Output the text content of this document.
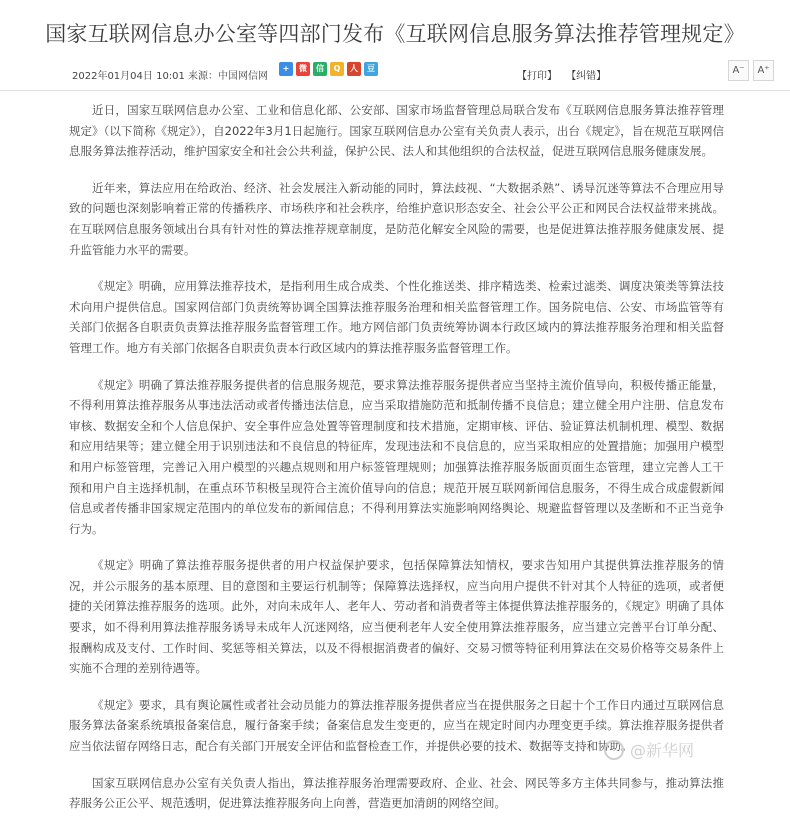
国家互联网信息办公室等四部门发布《互联网信息服务算法推荐管理规定》
2022年01月04日 10:01 来源：中国网信网
+	微	信	Q	人	豆
【打印】 【纠错】
A⁻	A⁺

近日，国家互联网信息办公室、工业和信息化部、公安部、国家市场监督管理总局联合发布《互联网信息服务算法推荐管理规定》（以下简称《规定》），自2022年3月1日起施行。国家互联网信息办公室有关负责人表示，出台《规定》，旨在规范互联网信息服务算法推荐活动，维护国家安全和社会公共利益，保护公民、法人和其他组织的合法权益，促进互联网信息服务健康发展。

近年来，算法应用在给政治、经济、社会发展注入新动能的同时，算法歧视、“大数据杀熟”、诱导沉迷等算法不合理应用导致的问题也深刻影响着正常的传播秩序、市场秩序和社会秩序，给维护意识形态安全、社会公平公正和网民合法权益带来挑战。在互联网信息服务领域出台具有针对性的算法推荐规章制度，是防范化解安全风险的需要，也是促进算法推荐服务健康发展、提升监管能力水平的需要。

《规定》明确，应用算法推荐技术，是指利用生成合成类、个性化推送类、排序精选类、检索过滤类、调度决策类等算法技术向用户提供信息。国家网信部门负责统筹协调全国算法推荐服务治理和相关监督管理工作。国务院电信、公安、市场监管等有关部门依据各自职责负责算法推荐服务监督管理工作。地方网信部门负责统筹协调本行政区域内的算法推荐服务治理和相关监督管理工作。地方有关部门依据各自职责负责本行政区域内的算法推荐服务监督管理工作。

《规定》明确了算法推荐服务提供者的信息服务规范，要求算法推荐服务提供者应当坚持主流价值导向，积极传播正能量，不得利用算法推荐服务从事违法活动或者传播违法信息，应当采取措施防范和抵制传播不良信息；建立健全用户注册、信息发布审核、数据安全和个人信息保护、安全事件应急处置等管理制度和技术措施，定期审核、评估、验证算法机制机理、模型、数据和应用结果等；建立健全用于识别违法和不良信息的特征库，发现违法和不良信息的，应当采取相应的处置措施；加强用户模型和用户标签管理，完善记入用户模型的兴趣点规则和用户标签管理规则；加强算法推荐服务版面页面生态管理，建立完善人工干预和用户自主选择机制，在重点环节积极呈现符合主流价值导向的信息；规范开展互联网新闻信息服务，不得生成合成虚假新闻信息或者传播非国家规定范围内的单位发布的新闻信息；不得利用算法实施影响网络舆论、规避监督管理以及垄断和不正当竞争行为。

《规定》明确了算法推荐服务提供者的用户权益保护要求，包括保障算法知情权，要求告知用户其提供算法推荐服务的情况，并公示服务的基本原理、目的意图和主要运行机制等；保障算法选择权，应当向用户提供不针对其个人特征的选项，或者便捷的关闭算法推荐服务的选项。此外，对向未成年人、老年人、劳动者和消费者等主体提供算法推荐服务的，《规定》明确了具体要求，如不得利用算法推荐服务诱导未成年人沉迷网络，应当便利老年人安全使用算法推荐服务，应当建立完善平台订单分配、报酬构成及支付、工作时间、奖惩等相关算法，以及不得根据消费者的偏好、交易习惯等特征利用算法在交易价格等交易条件上实施不合理的差别待遇等。

《规定》要求，具有舆论属性或者社会动员能力的算法推荐服务提供者应当在提供服务之日起十个工作日内通过互联网信息服务算法备案系统填报备案信息，履行备案手续；备案信息发生变更的，应当在规定时间内办理变更手续。算法推荐服务提供者应当依法留存网络日志，配合有关部门开展安全评估和监督检查工作，并提供必要的技术、数据等支持和协助。

国家互联网信息办公室有关负责人指出，算法推荐服务治理需要政府、企业、社会、网民等多方主体共同参与，推动算法推荐服务公正公平、规范透明，促进算法推荐服务向上向善，营造更加清朗的网络空间。

@新华网
